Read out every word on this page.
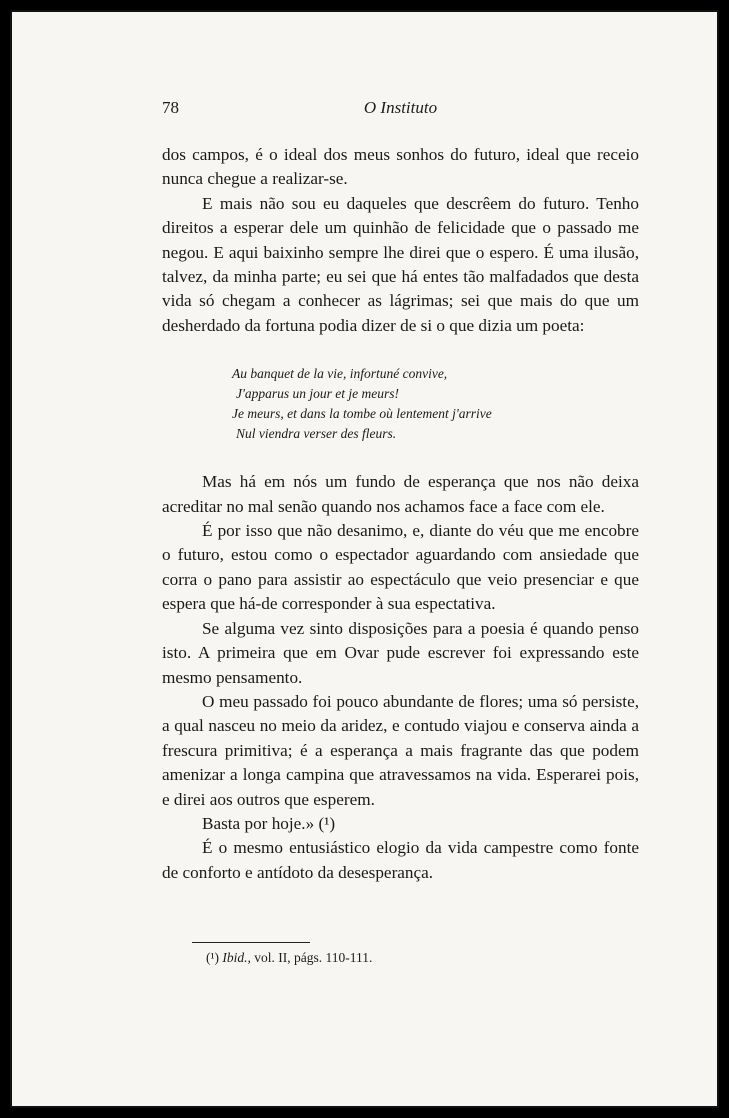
78	O Instituto

dos campos, é o ideal dos meus sonhos do futuro, ideal que receio nunca chegue a realizar-se.

E mais não sou eu daqueles que descrêem do futuro. Tenho direitos a esperar dele um quinhão de felicidade que o passado me negou. E aqui baixinho sempre lhe direi que o espero. É uma ilusão, talvez, da minha parte; eu sei que há entes tão malfadados que desta vida só chegam a conhecer as lágrimas; sei que mais do que um desherdado da fortuna podia dizer de si o que dizia um poeta:

Au banquet de la vie, infortuné convive,
J'apparus un jour et je meurs!
Je meurs, et dans la tombe où lentement j'arrive
Nul viendra verser des fleurs.

Mas há em nós um fundo de esperança que nos não deixa acreditar no mal senão quando nos achamos face a face com ele.

É por isso que não desanimo, e, diante do véu que me encobre o futuro, estou como o espectador aguardando com ansiedade que corra o pano para assistir ao espectáculo que veio presenciar e que espera que há-de corresponder à sua espectativa.

Se alguma vez sinto disposições para a poesia é quando penso isto. A primeira que em Ovar pude escrever foi expressando este mesmo pensamento.

O meu passado foi pouco abundante de flores; uma só persiste, a qual nasceu no meio da aridez, e contudo viajou e conserva ainda a frescura primitiva; é a esperança a mais fragrante das que podem amenizar a longa campina que atravessamos na vida. Esperarei pois, e direi aos outros que esperem.

Basta por hoje.» (¹)

É o mesmo entusiástico elogio da vida campestre como fonte de conforto e antídoto da desesperança.

(¹) Ibid., vol. II, págs. 110-111.
